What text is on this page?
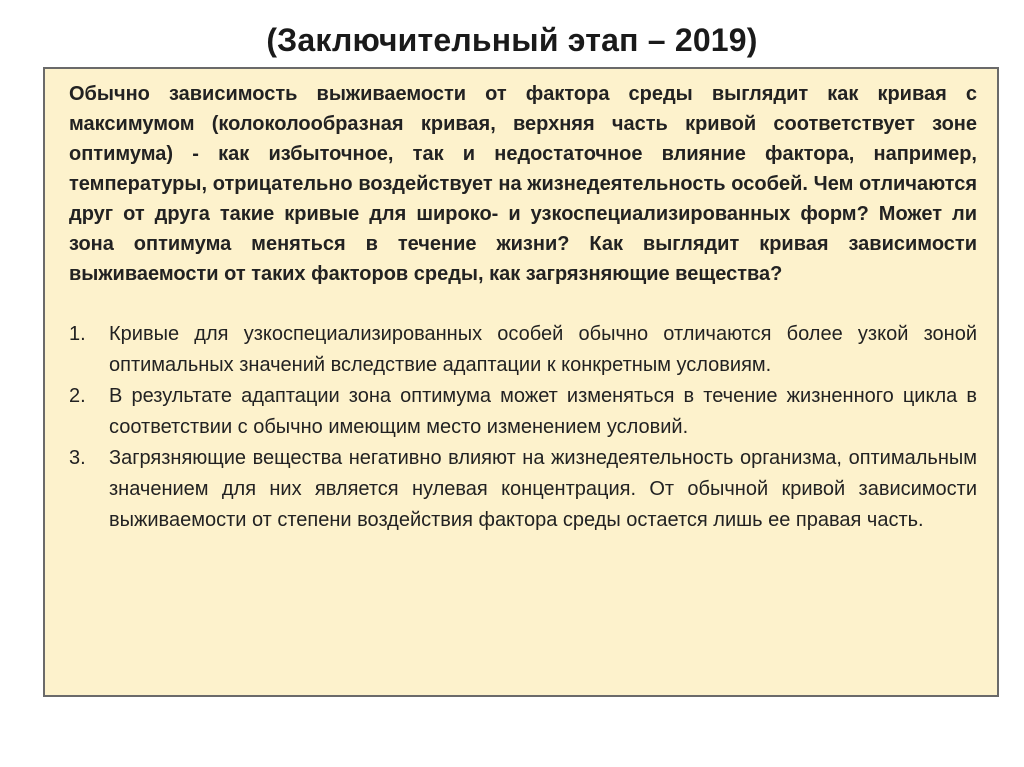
(Заключительный этап – 2019)

Обычно зависимость выживаемости от фактора среды выглядит как кривая с максимумом (колоколообразная кривая, верхняя часть кривой соответствует зоне оптимума) - как избыточное, так и недостаточное влияние фактора, например, температуры, отрицательно воздействует на жизнедеятельность особей. Чем отличаются друг от друга такие кривые для широко- и узкоспециализированных форм? Может ли зона оптимума меняться в течение жизни? Как выглядит кривая зависимости выживаемости от таких факторов среды, как загрязняющие вещества?

1.	Кривые для узкоспециализированных особей обычно отличаются более узкой зоной оптимальных значений вследствие адаптации к конкретным условиям.
2.	В результате адаптации зона оптимума может изменяться в течение жизненного цикла в соответствии с обычно имеющим место изменением условий.
3.	Загрязняющие вещества негативно влияют на жизнедеятельность организма, оптимальным значением для них является нулевая концентрация. От обычной кривой зависимости выживаемости от степени воздействия фактора среды остается лишь ее правая часть.
